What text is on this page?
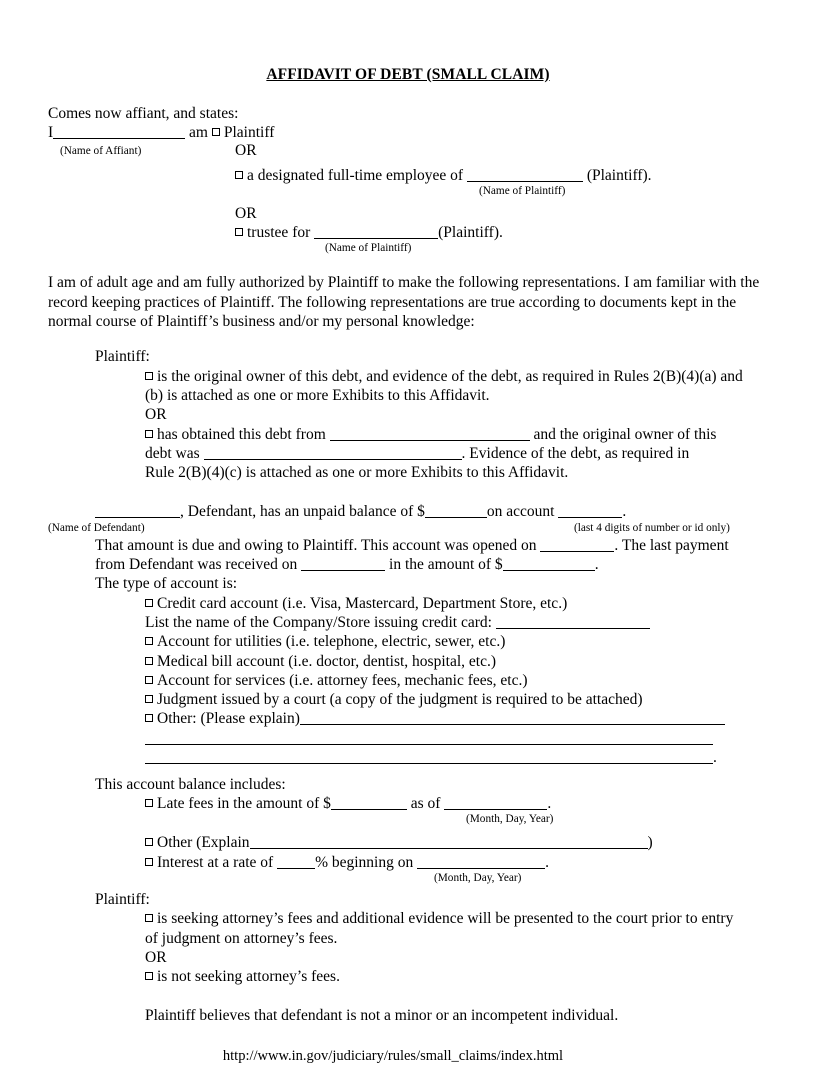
AFFIDAVIT OF DEBT (SMALL CLAIM)
Comes now affiant, and states:
I	am Plaintiff
(Name of Affiant)	OR
a designated full-time employee of	(Plaintiff).
(Name of Plaintiff)
OR
trustee for	(Plaintiff).
(Name of Plaintiff)
I am of adult age and am fully authorized by Plaintiff to make the following representations. I am familiar with the record keeping practices of Plaintiff. The following representations are true according to documents kept in the normal course of Plaintiff’s business and/or my personal knowledge:
Plaintiff:
is the original owner of this debt, and evidence of the debt, as required in Rules 2(B)(4)(a) and
(b) is attached as one or more Exhibits to this Affidavit.
OR
has obtained this debt from	and the original owner of this
debt was	. Evidence of the debt, as required in
Rule 2(B)(4)(c) is attached as one or more Exhibits to this Affidavit.
, Defendant, has an unpaid balance of $	on account	.
(Name of Defendant)	(last 4 digits of number or id only)
That amount is due and owing to Plaintiff. This account was opened on	. The last payment
from Defendant was received on	in the amount of $	.
The type of account is:
Credit card account (i.e. Visa, Mastercard, Department Store, etc.)
List the name of the Company/Store issuing credit card:
Account for utilities (i.e. telephone, electric, sewer, etc.)
Medical bill account (i.e. doctor, dentist, hospital, etc.)
Account for services (i.e. attorney fees, mechanic fees, etc.)
Judgment issued by a court (a copy of the judgment is required to be attached)
Other: (Please explain)
.
This account balance includes:
Late fees in the amount of $	as of	.
(Month, Day, Year)
Other (Explain	)
Interest at a rate of	% beginning on	.
(Month, Day, Year)
Plaintiff:
is seeking attorney’s fees and additional evidence will be presented to the court prior to entry
of judgment on attorney’s fees.
OR
is not seeking attorney’s fees.
Plaintiff believes that defendant is not a minor or an incompetent individual.
http://www.in.gov/judiciary/rules/small_claims/index.html
